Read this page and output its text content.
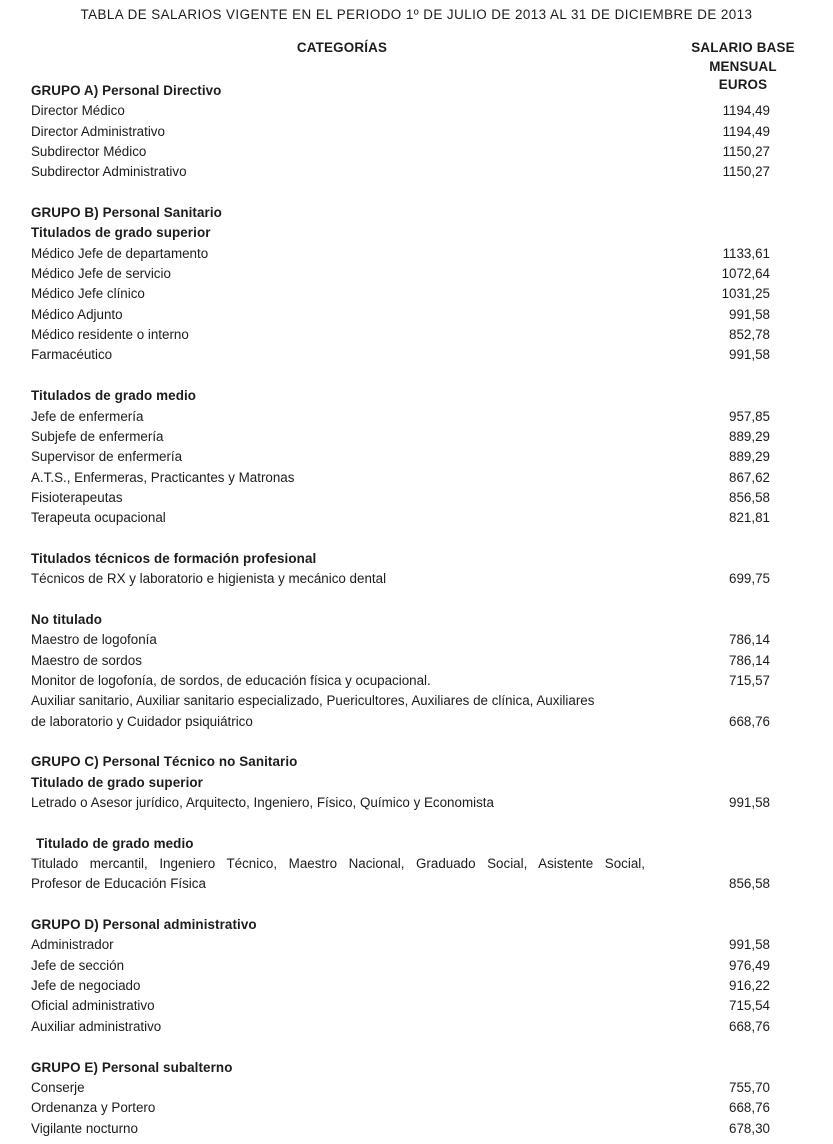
TABLA DE SALARIOS VIGENTE EN EL PERIODO 1º DE JULIO DE 2013 AL 31 DE DICIEMBRE DE 2013
CATEGORÍAS	SALARIO BASE MENSUAL
EUROS
GRUPO A) Personal Directivo
Director Médico	1194,49
Director Administrativo	1194,49
Subdirector Médico	1150,27
Subdirector Administrativo	1150,27
GRUPO B) Personal Sanitario
Titulados de grado superior
Médico Jefe de departamento	1133,61
Médico Jefe de servicio	1072,64
Médico Jefe clínico	1031,25
Médico Adjunto	991,58
Médico residente o interno	852,78
Farmacéutico	991,58
Titulados de grado medio
Jefe de enfermería	957,85
Subjefe de enfermería	889,29
Supervisor de enfermería	889,29
A.T.S., Enfermeras, Practicantes y Matronas	867,62
Fisioterapeutas	856,58
Terapeuta ocupacional	821,81
Titulados técnicos de formación profesional
Técnicos de RX y laboratorio e higienista y mecánico dental	699,75
No titulado
Maestro de logofonía	786,14
Maestro de sordos	786,14
Monitor de logofonía, de sordos, de educación física y ocupacional.	715,57
Auxiliar sanitario, Auxiliar sanitario especializado, Puericultores, Auxiliares de clínica, Auxiliares
de laboratorio y Cuidador psiquiátrico	668,76
GRUPO C) Personal Técnico no Sanitario
Titulado de grado superior
Letrado o Asesor jurídico, Arquitecto, Ingeniero, Físico, Químico y Economista	991,58
Titulado de grado medio
Titulado mercantil, Ingeniero Técnico, Maestro Nacional, Graduado Social, Asistente Social,
Profesor de Educación Física	856,58
GRUPO D) Personal administrativo
Administrador	991,58
Jefe de sección	976,49
Jefe de negociado	916,22
Oficial administrativo	715,54
Auxiliar administrativo	668,76
GRUPO E) Personal subalterno
Conserje	755,70
Ordenanza y Portero	668,76
Vigilante nocturno	678,30
